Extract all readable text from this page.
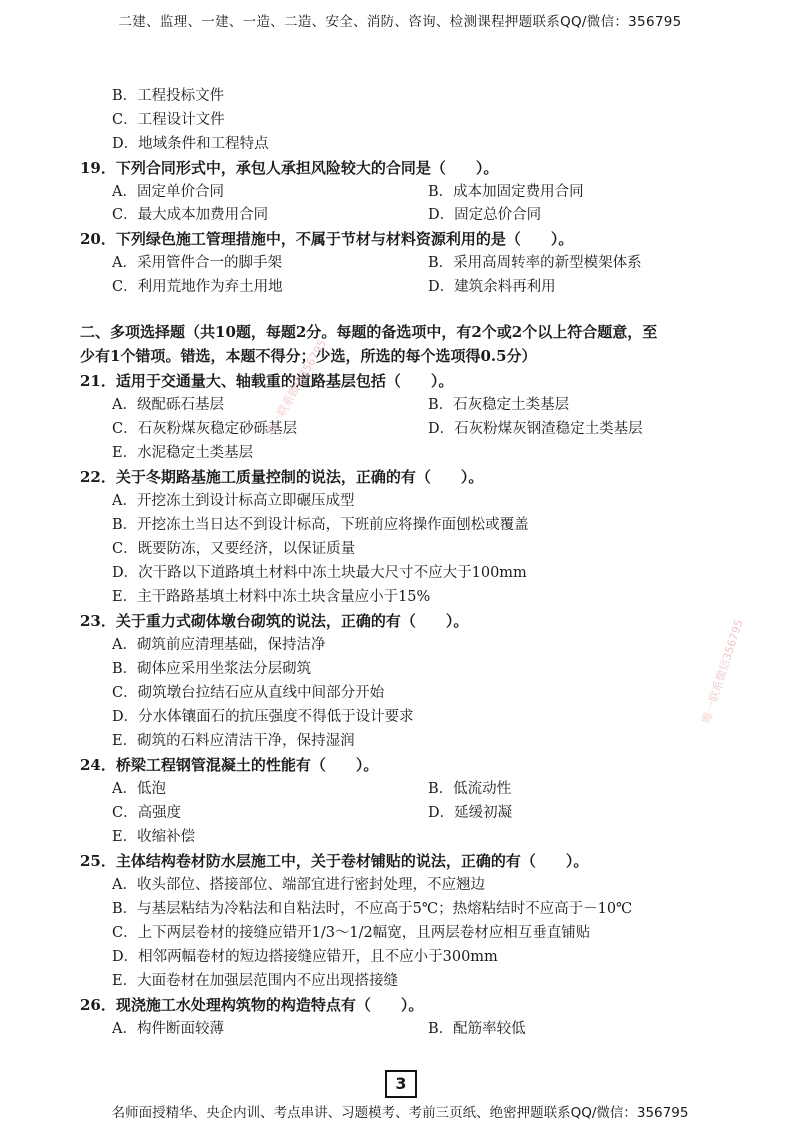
二建、监理、一建、一造、二造、安全、消防、咨询、检测课程押题联系QQ/微信：356795
B．工程投标文件
C．工程设计文件
D．地域条件和工程特点
19．下列合同形式中，承包人承担风险较大的合同是（　　）。
A．固定单价合同	B．成本加固定费用合同
C．最大成本加费用合同	D．固定总价合同
20．下列绿色施工管理措施中，不属于节材与材料资源利用的是（　　）。
A．采用管件合一的脚手架	B．采用高周转率的新型模架体系
C．利用荒地作为弃土用地	D．建筑余料再利用
二、多项选择题（共10题，每题2分。每题的备选项中，有2个或2个以上符合题意，至
少有1个错项。错选，本题不得分；少选，所选的每个选项得0.5分）
21．适用于交通量大、轴载重的道路基层包括（　　）。
A．级配砾石基层	B．石灰稳定土类基层
C．石灰粉煤灰稳定砂砾基层	D．石灰粉煤灰钢渣稳定土类基层
E．水泥稳定土类基层
22．关于冬期路基施工质量控制的说法，正确的有（　　）。
A．开挖冻土到设计标高立即碾压成型
B．开挖冻土当日达不到设计标高，下班前应将操作面刨松或覆盖
C．既要防冻，又要经济，以保证质量
D．次干路以下道路填土材料中冻土块最大尺寸不应大于100mm
E．主干路路基填土材料中冻土块含量应小于15%
23．关于重力式砌体墩台砌筑的说法，正确的有（　　）。
A．砌筑前应清理基础，保持洁净
B．砌体应采用坐浆法分层砌筑
C．砌筑墩台拉结石应从直线中间部分开始
D．分水体镶面石的抗压强度不得低于设计要求
E．砌筑的石料应清洁干净，保持湿润
24．桥梁工程钢管混凝土的性能有（　　）。
A．低泡	B．低流动性
C．高强度	D．延缓初凝
E．收缩补偿
25．主体结构卷材防水层施工中，关于卷材铺贴的说法，正确的有（　　）。
A．收头部位、搭接部位、端部宜进行密封处理，不应翘边
B．与基层粘结为冷粘法和自粘法时，不应高于5℃；热熔粘结时不应高于－10℃
C．上下两层卷材的接缝应错开1/3～1/2幅宽，且两层卷材应相互垂直铺贴
D．相邻两幅卷材的短边搭接缝应错开，且不应小于300mm
E．大面卷材在加强层范围内不应出现搭接缝
26．现浇施工水处理构筑物的构造特点有（　　）。
A．构件断面较薄	B．配筋率较低
唯一联系微信356795
唯一联系微信356795
3
名师面授精华、央企内训、考点串讲、习题模考、考前三页纸、绝密押题联系QQ/微信：356795
